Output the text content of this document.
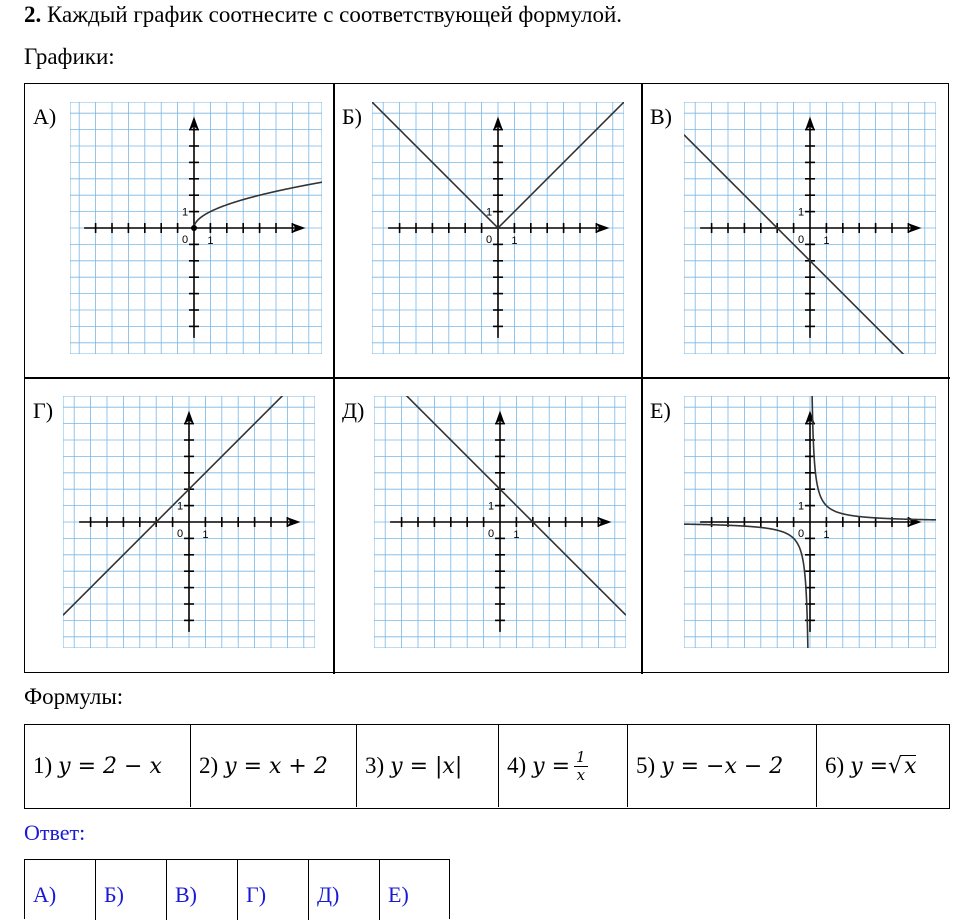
2. Каждый график соотнесите с соответствующей формулой.
Графики:
А)
0 1
1
Б)
0 1
1
В)
0 1
1
Г)
0 1
1
Д)
0 1
1
Е)
0 1
1
Формулы:
1) y = 2 − x 2) y = x + 2 3) y = |x| 4) $y = \frac{1}{x} 5$) y = −x − 2 6) y = √ x
Ответ:
А)	Б)	В)	Г)	Д)	Е)
